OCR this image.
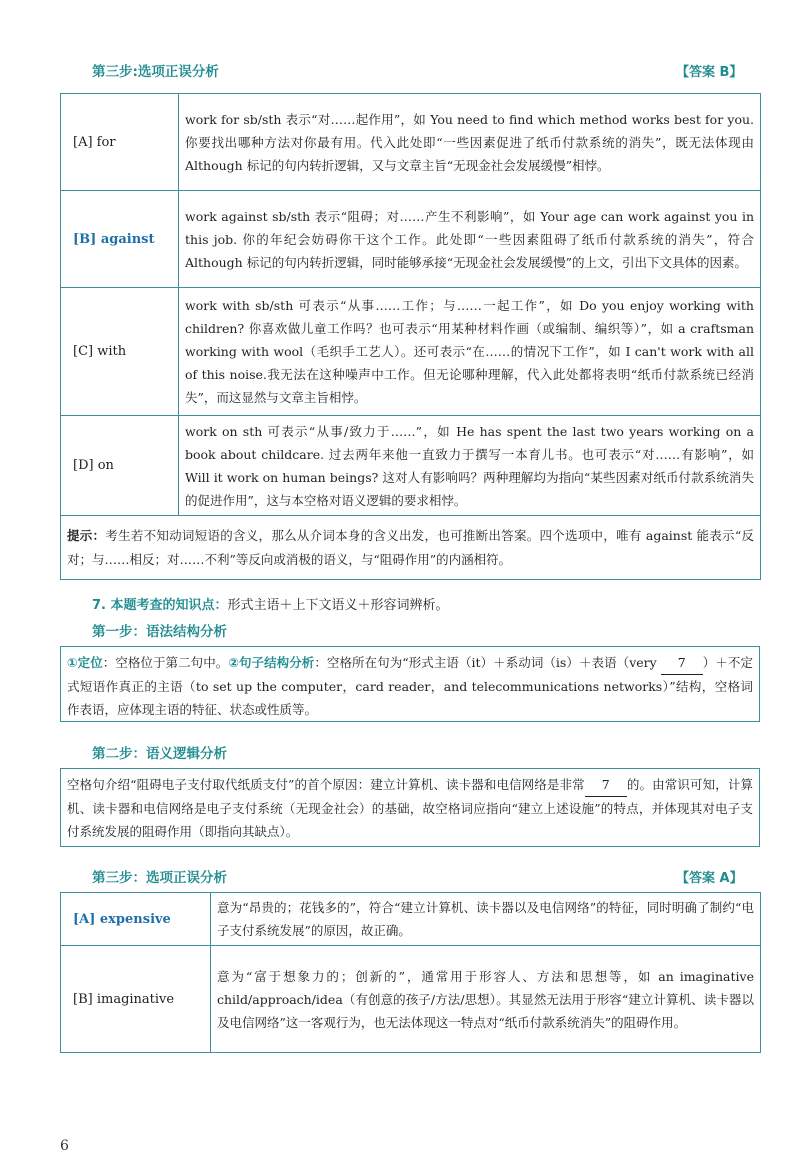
第三步:选项正误分析	【答案 B】
[A] for	work for sb/sth 表示“对……起作用”，如 You need to find which method works best for you. 你要找出哪种方法对你最有用。代入此处即“一些因素促进了纸币付款系统的消失”，既无法体现由 Although 标记的句内转折逻辑，又与文章主旨“无现金社会发展缓慢”相悖。
[B] against	work against sb/sth 表示“阻碍；对……产生不利影响”，如 Your age can work against you in this job. 你的年纪会妨碍你干这个工作。此处即“一些因素阻碍了纸币付款系统的消失”，符合 Although 标记的句内转折逻辑，同时能够承接“无现金社会发展缓慢”的上文，引出下文具体的因素。
[C] with	work with sb/sth 可表示“从事……工作；与……一起工作”，如 Do you enjoy working with children? 你喜欢做儿童工作吗？也可表示“用某种材料作画（或编制、编织等）”，如 a craftsman working with wool（毛织手工艺人）。还可表示“在……的情况下工作”，如 I can't work with all of this noise.我无法在这种噪声中工作。但无论哪种理解，代入此处都将表明“纸币付款系统已经消失”，而这显然与文章主旨相悖。
[D] on	work on sth 可表示“从事/致力于……”，如 He has spent the last two years working on a book about childcare. 过去两年来他一直致力于撰写一本育儿书。也可表示“对……有影响”，如 Will it work on human beings? 这对人有影响吗？两种理解均为指向“某些因素对纸币付款系统消失的促进作用”，这与本空格对语义逻辑的要求相悖。
提示：考生若不知动词短语的含义，那么从介词本身的含义出发，也可推断出答案。四个选项中，唯有 against 能表示“反对；与……相反；对……不利”等反向或消极的语义，与“阻碍作用”的内涵相符。	
7. 本题考查的知识点：形式主语＋上下文语义＋形容词辨析。
第一步：语法结构分析
①定位：空格位于第二句中。②句子结构分析：空格所在句为“形式主语（it）＋系动词（is）＋表语（very 7 ）＋不定式短语作真正的主语（to set up the computer，card reader，and telecommunications networks）”结构，空格词作表语，应体现主语的特征、状态或性质等。
第二步：语义逻辑分析
空格句介绍“阻碍电子支付取代纸质支付”的首个原因：建立计算机、读卡器和电信网络是非常 7 的。由常识可知，计算机、读卡器和电信网络是电子支付系统（无现金社会）的基础，故空格词应指向“建立上述设施”的特点，并体现其对电子支付系统发展的阻碍作用（即指向其缺点）。
第三步：选项正误分析	【答案 A】
[A] expensive	意为“昂贵的；花钱多的”，符合“建立计算机、读卡器以及电信网络”的特征，同时明确了制约“电子支付系统发展”的原因，故正确。
[B] imaginative	意为“富于想象力的；创新的”，通常用于形容人、方法和思想等，如 an imaginative child/approach/idea（有创意的孩子/方法/思想）。其显然无法用于形容“建立计算机、读卡器以及电信网络”这一客观行为，也无法体现这一特点对“纸币付款系统消失”的阻碍作用。
6
